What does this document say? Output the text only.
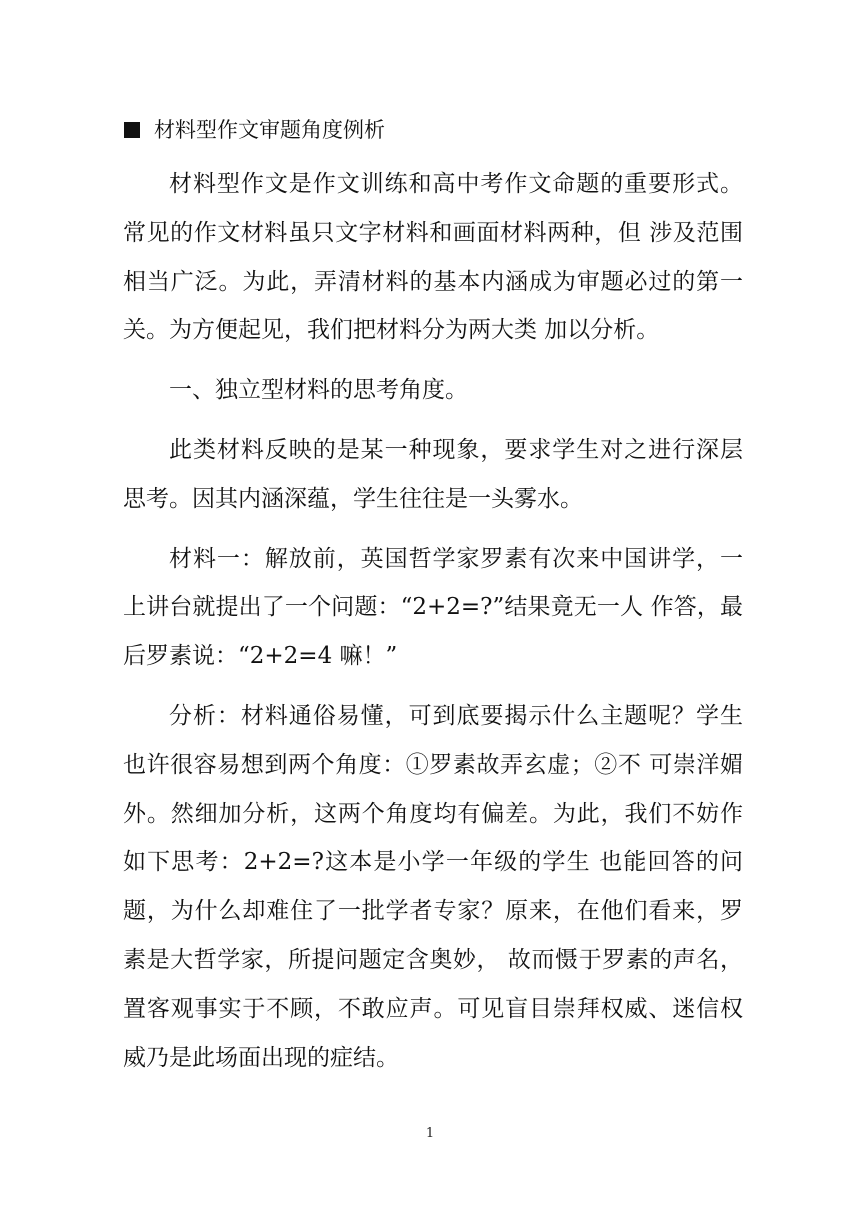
材料型作文审题角度例析

材料型作文是作文训练和高中考作文命题的重要形式。常见的作文材料虽只文字材料和画面材料两种，但 涉及范围相当广泛。为此，弄清材料的基本内涵成为审题必过的第一关。为方便起见，我们把材料分为两大类 加以分析。

一、独立型材料的思考角度。

此类材料反映的是某一种现象，要求学生对之进行深层思考。因其内涵深蕴，学生往往是一头雾水。

材料一：解放前，英国哲学家罗素有次来中国讲学，一上讲台就提出了一个问题：“2+2=?”结果竟无一人 作答，最后罗素说：“2+2=4 嘛！”

分析：材料通俗易懂，可到底要揭示什么主题呢？学生也许很容易想到两个角度：①罗素故弄玄虚；②不 可崇洋媚外。然细加分析，这两个角度均有偏差。为此，我们不妨作如下思考：2+2=?这本是小学一年级的学生 也能回答的问题，为什么却难住了一批学者专家？原来，在他们看来，罗素是大哲学家，所提问题定含奥妙， 故而慑于罗素的声名，置客观事实于不顾，不敢应声。可见盲目崇拜权威、迷信权威乃是此场面出现的症结。

1
